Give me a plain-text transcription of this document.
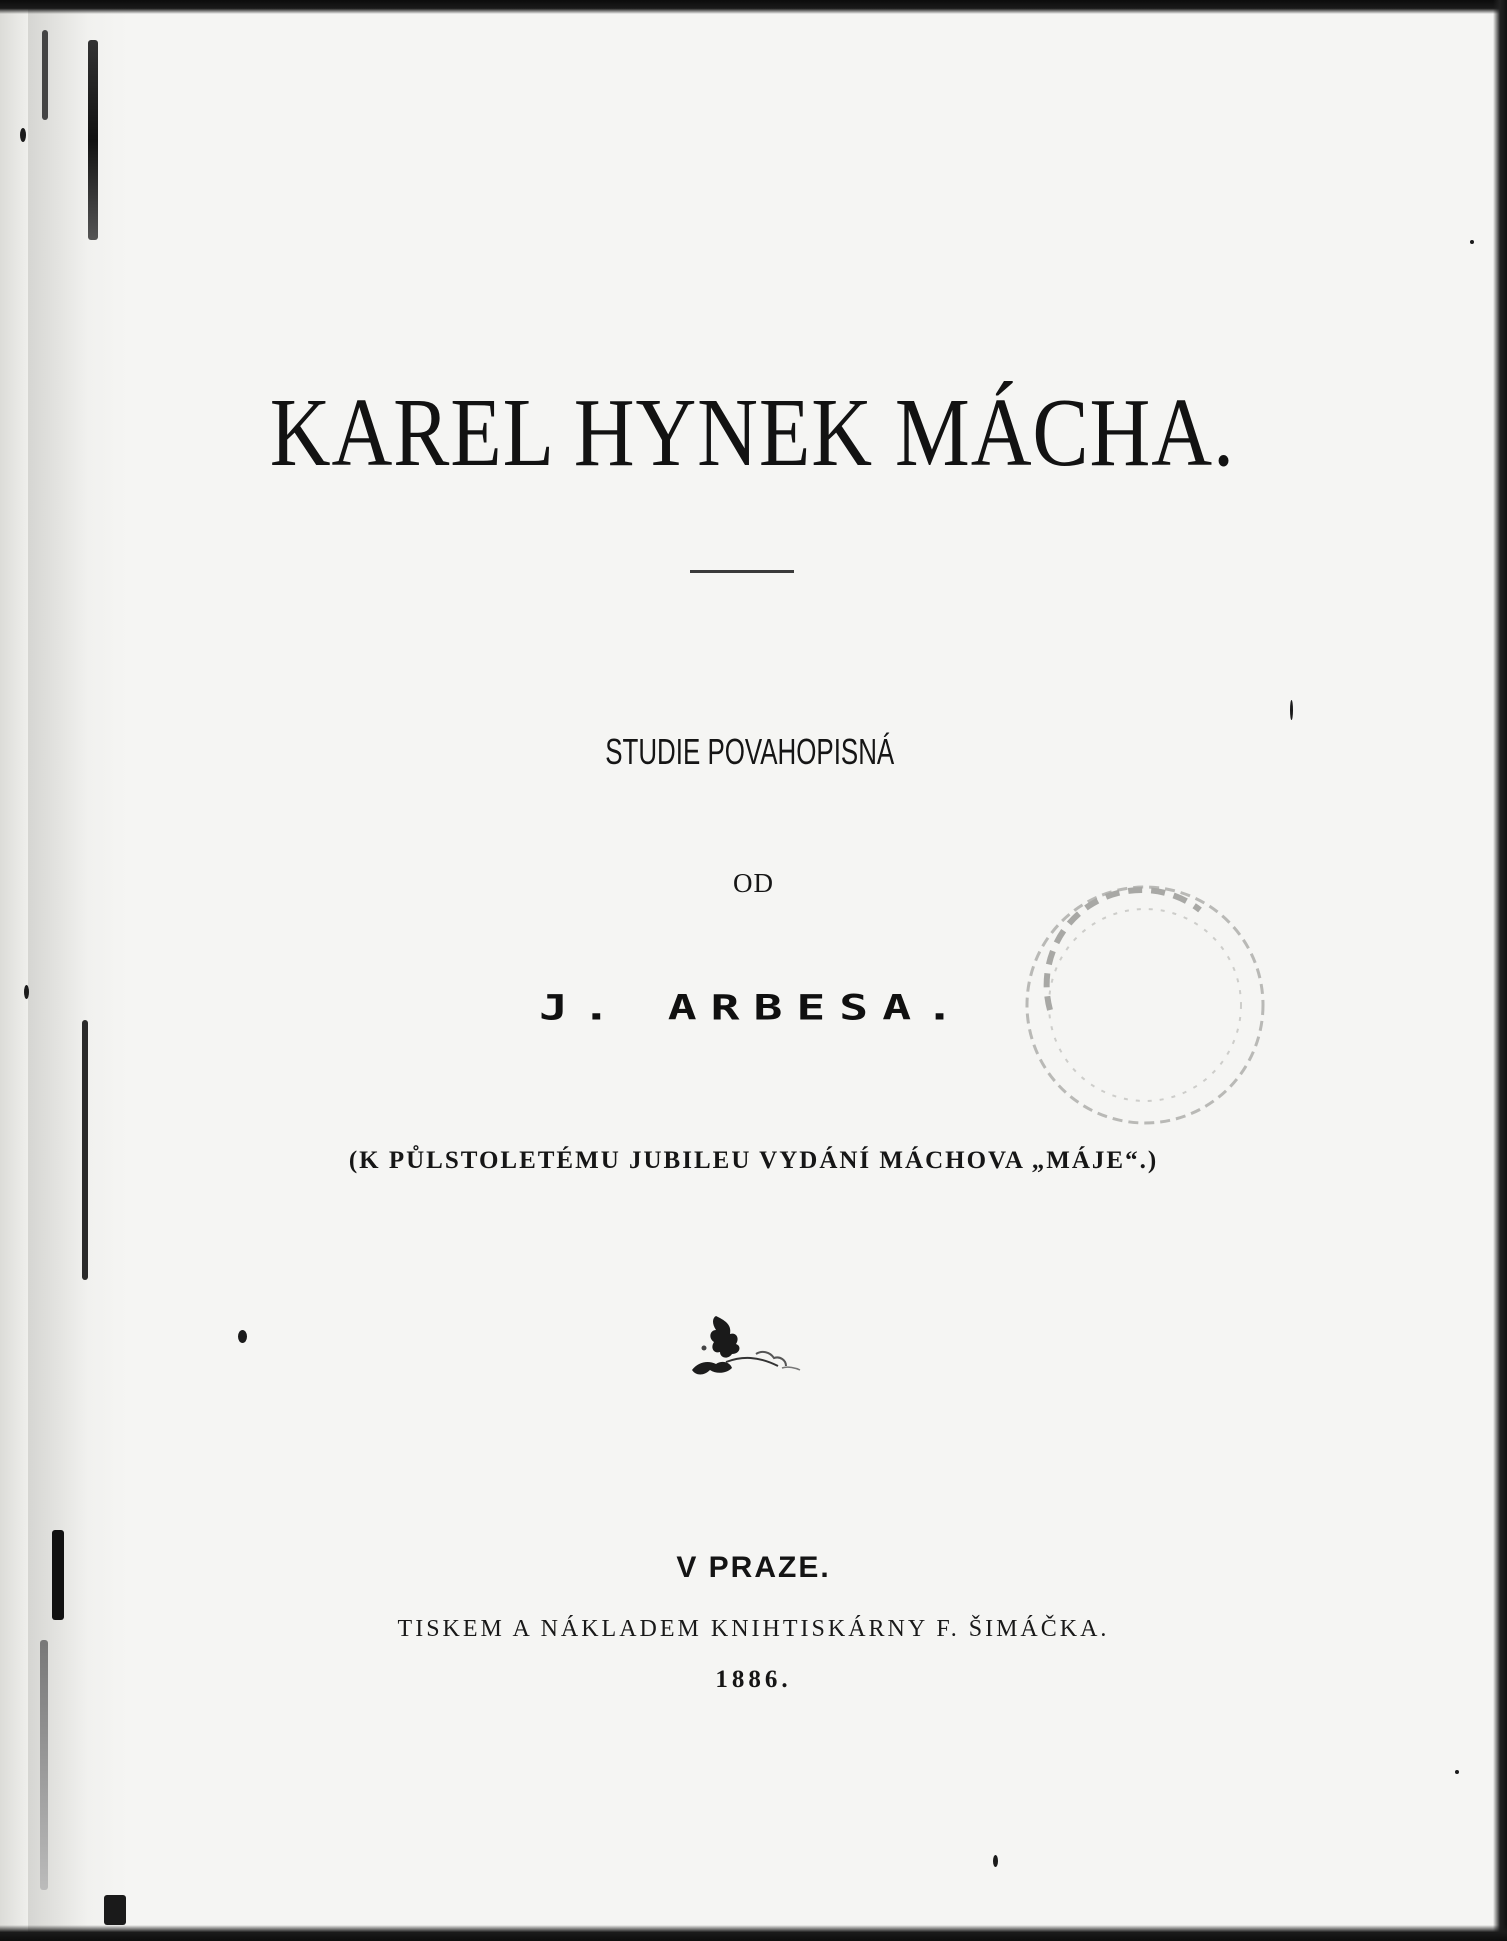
KAREL HYNEK MÁCHA.
STUDIE POVAHOPISNÁ
OD
J. ARBESA.
(K PŮLSTOLETÉMU JUBILEU VYDÁNÍ MÁCHOVA „MÁJE“.)
V PRAZE.
TISKEM A NÁKLADEM KNIHTISKÁRNY F. ŠIMÁČKA.
1886.
